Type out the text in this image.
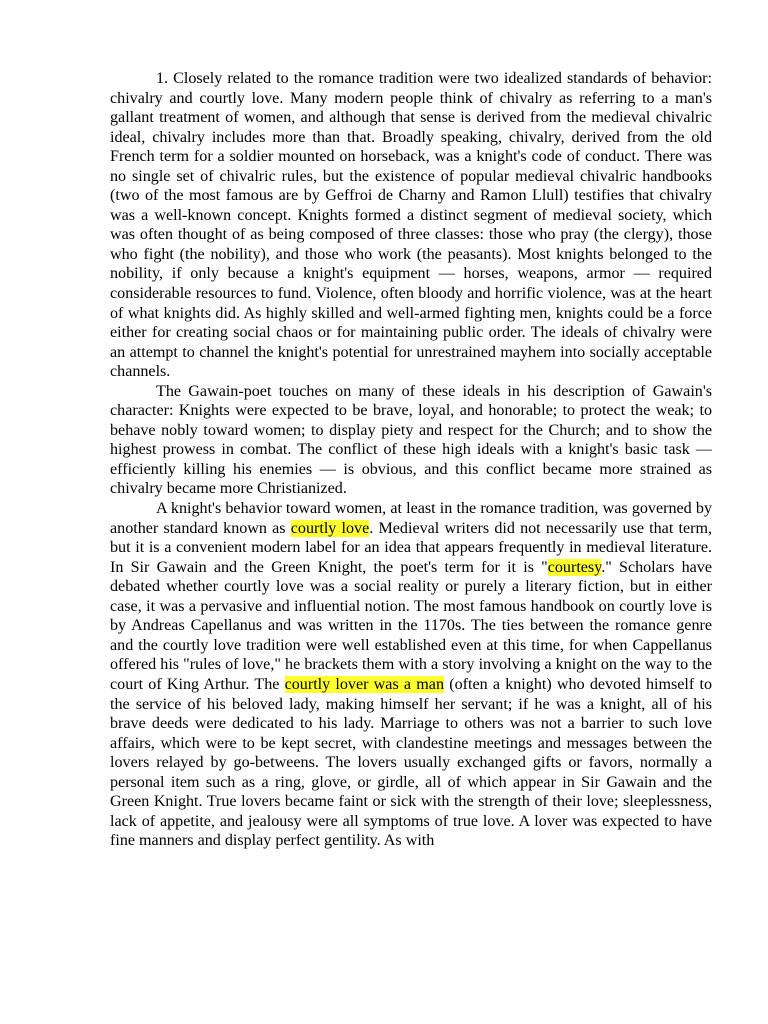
1. Closely related to the romance tradition were two idealized standards of behavior: chivalry and courtly love. Many modern people think of chivalry as referring to a man's gallant treatment of women, and although that sense is derived from the medieval chivalric ideal, chivalry includes more than that. Broadly speaking, chivalry, derived from the old French term for a soldier mounted on horseback, was a knight's code of conduct. There was no single set of chivalric rules, but the existence of popular medieval chivalric handbooks (two of the most famous are by Geffroi de Charny and Ramon Llull) testifies that chivalry was a well-known concept. Knights formed a distinct segment of medieval society, which was often thought of as being composed of three classes: those who pray (the clergy), those who fight (the nobility), and those who work (the peasants). Most knights belonged to the nobility, if only because a knight's equipment — horses, weapons, armor — required considerable resources to fund. Violence, often bloody and horrific violence, was at the heart of what knights did. As highly skilled and well-armed fighting men, knights could be a force either for creating social chaos or for maintaining public order. The ideals of chivalry were an attempt to channel the knight's potential for unrestrained mayhem into socially acceptable channels.

The Gawain-poet touches on many of these ideals in his description of Gawain's character: Knights were expected to be brave, loyal, and honorable; to protect the weak; to behave nobly toward women; to display piety and respect for the Church; and to show the highest prowess in combat. The conflict of these high ideals with a knight's basic task — efficiently killing his enemies — is obvious, and this conflict became more strained as chivalry became more Christianized.

A knight's behavior toward women, at least in the romance tradition, was governed by another standard known as courtly love. Medieval writers did not necessarily use that term, but it is a convenient modern label for an idea that appears frequently in medieval literature. In Sir Gawain and the Green Knight, the poet's term for it is "courtesy." Scholars have debated whether courtly love was a social reality or purely a literary fiction, but in either case, it was a pervasive and influential notion. The most famous handbook on courtly love is by Andreas Capellanus and was written in the 1170s. The ties between the romance genre and the courtly love tradition were well established even at this time, for when Cappellanus offered his "rules of love," he brackets them with a story involving a knight on the way to the court of King Arthur. The courtly lover was a man (often a knight) who devoted himself to the service of his beloved lady, making himself her servant; if he was a knight, all of his brave deeds were dedicated to his lady. Marriage to others was not a barrier to such love affairs, which were to be kept secret, with clandestine meetings and messages between the lovers relayed by go-betweens. The lovers usually exchanged gifts or favors, normally a personal item such as a ring, glove, or girdle, all of which appear in Sir Gawain and the Green Knight. True lovers became faint or sick with the strength of their love; sleeplessness, lack of appetite, and jealousy were all symptoms of true love. A lover was expected to have fine manners and display perfect gentility. As with
